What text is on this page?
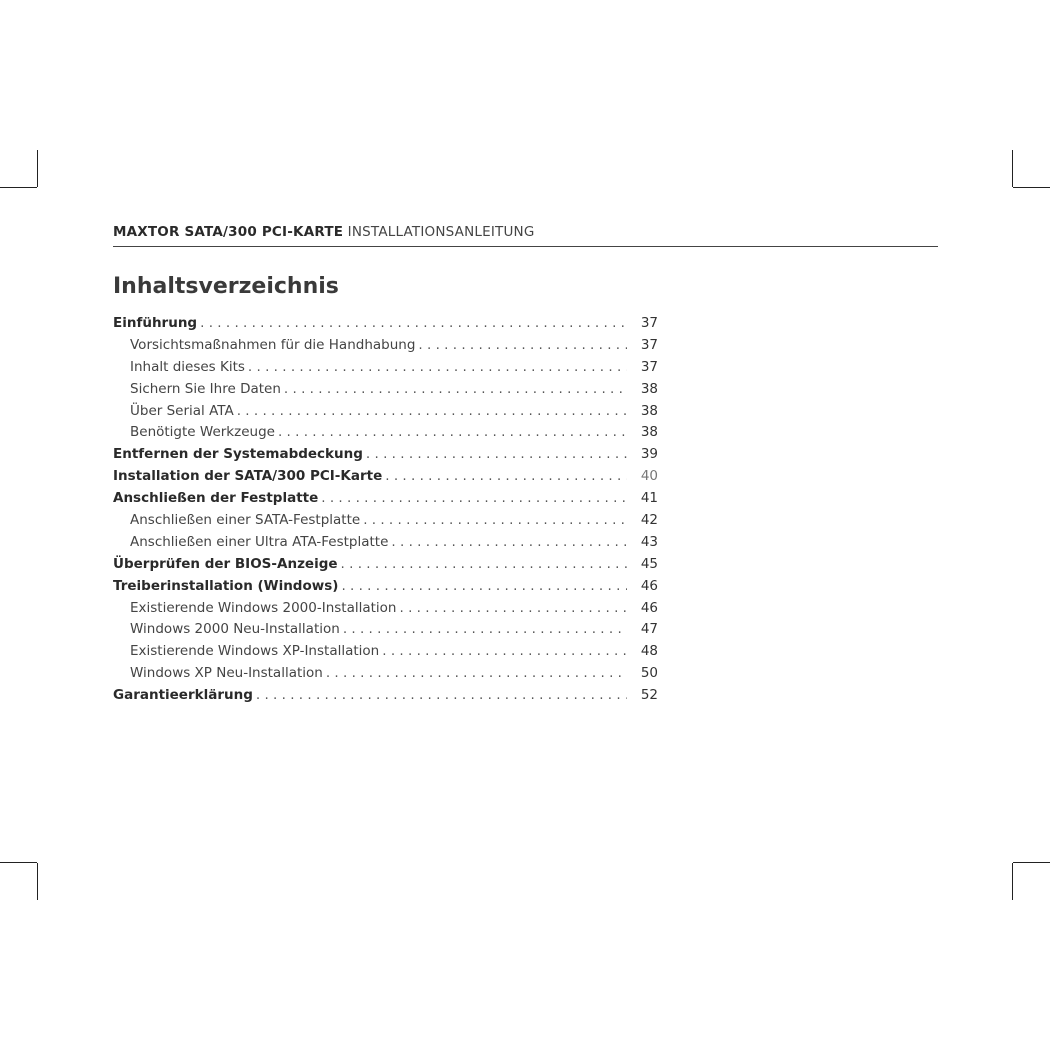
MAXTOR SATA/300 PCI-KARTE INSTALLATIONSANLEITUNG
Inhaltsverzeichnis
Einführung . . .	37
Vorsichtsmaßnahmen für die Handhabung . . .	37
Inhalt dieses Kits . . .	37
Sichern Sie Ihre Daten . . .	38
Über Serial ATA . . .	38
Benötigte Werkzeuge . . .	38
Entfernen der Systemabdeckung . . .	39
Installation der SATA/300 PCI-Karte . . .	40
Anschließen der Festplatte . . .	41
Anschließen einer SATA-Festplatte . . .	42
Anschließen einer Ultra ATA-Festplatte . . .	43
Überprüfen der BIOS-Anzeige . . .	45
Treiberinstallation (Windows) . . .	46
Existierende Windows 2000-Installation . . .	46
Windows 2000 Neu-Installation . . .	47
Existierende Windows XP-Installation . . .	48
Windows XP Neu-Installation . . .	50
Garantieerklärung . . .	52
